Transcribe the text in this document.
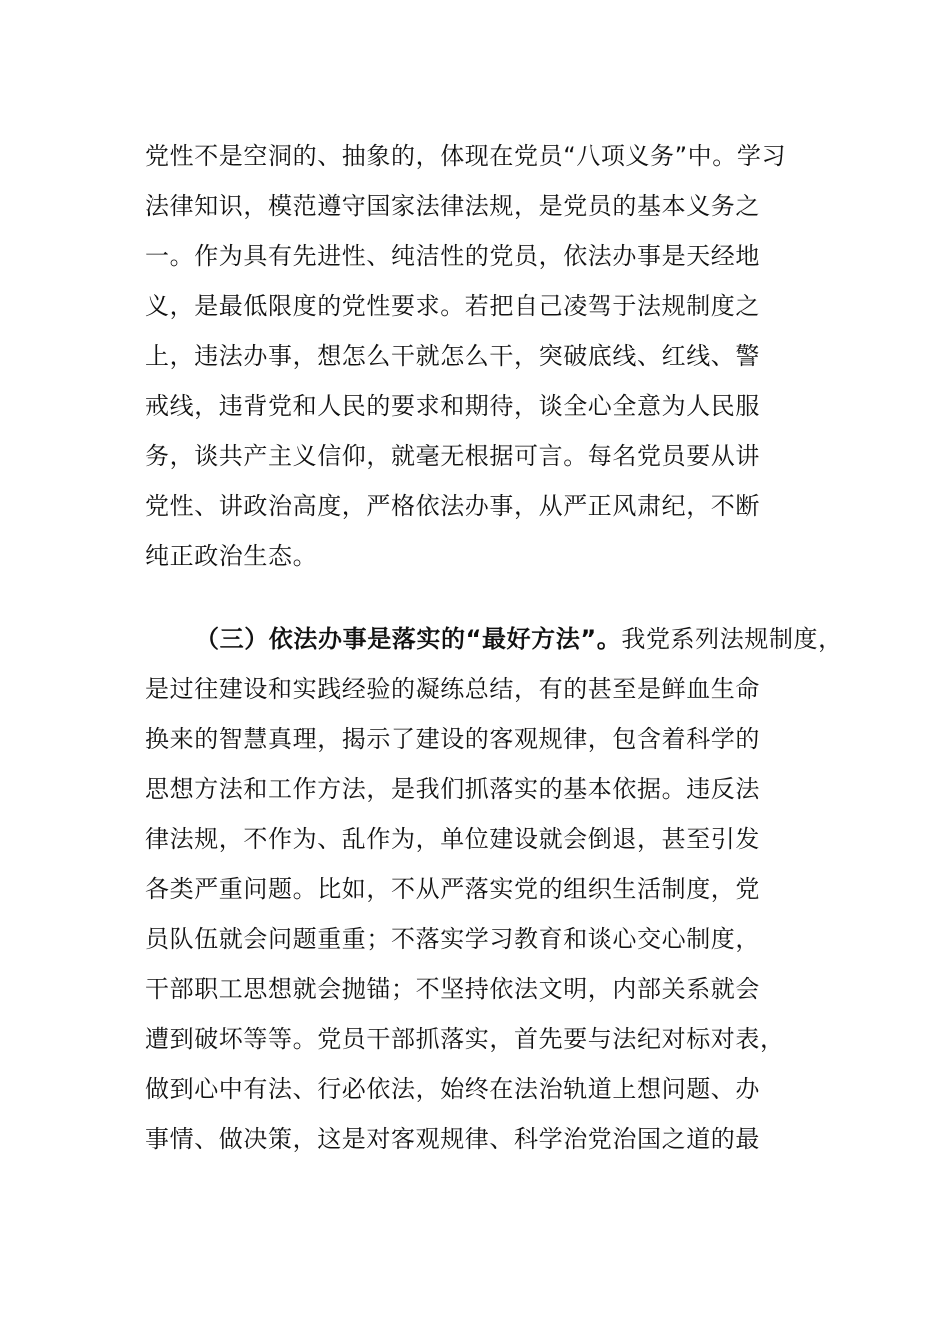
党性不是空洞的、抽象的，体现在党员“八项义务”中。学习
法律知识，模范遵守国家法律法规，是党员的基本义务之
一。作为具有先进性、纯洁性的党员，依法办事是天经地
义，是最低限度的党性要求。若把自己凌驾于法规制度之
上，违法办事，想怎么干就怎么干，突破底线、红线、警
戒线，违背党和人民的要求和期待，谈全心全意为人民服
务，谈共产主义信仰，就毫无根据可言。每名党员要从讲
党性、讲政治高度，严格依法办事，从严正风肃纪，不断
纯正政治生态。
（三）依法办事是落实的“最好方法”。我党系列法规制度，
是过往建设和实践经验的凝练总结，有的甚至是鲜血生命
换来的智慧真理，揭示了建设的客观规律，包含着科学的
思想方法和工作方法，是我们抓落实的基本依据。违反法
律法规，不作为、乱作为，单位建设就会倒退，甚至引发
各类严重问题。比如，不从严落实党的组织生活制度，党
员队伍就会问题重重；不落实学习教育和谈心交心制度，
干部职工思想就会抛锚；不坚持依法文明，内部关系就会
遭到破坏等等。党员干部抓落实，首先要与法纪对标对表，
做到心中有法、行必依法，始终在法治轨道上想问题、办
事情、做决策，这是对客观规律、科学治党治国之道的最
